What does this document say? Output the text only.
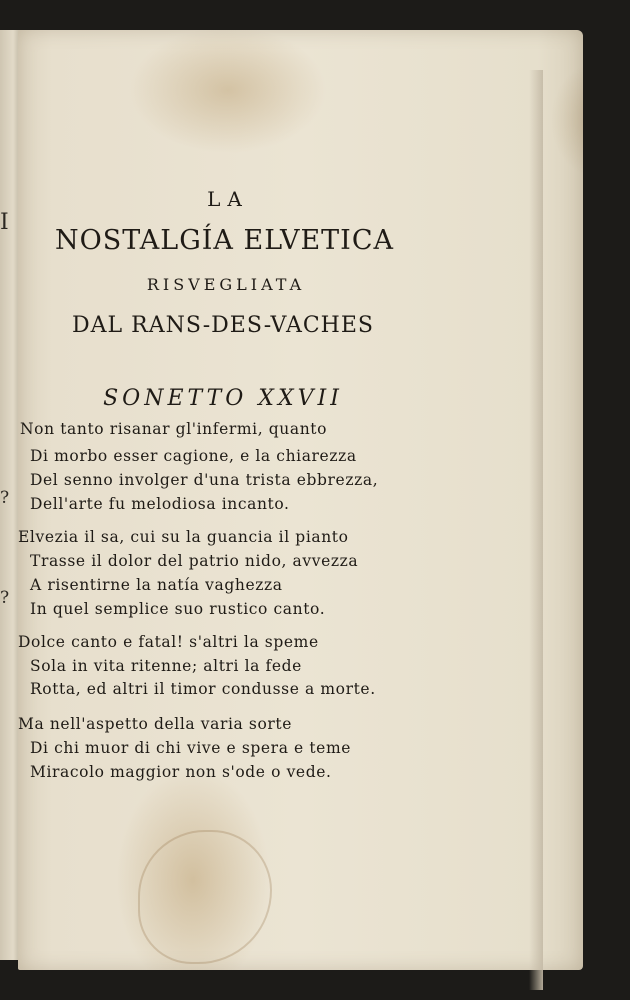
I
?
?
LA
NOSTALGÍA ELVETICA
RISVEGLIATA
DAL RANS-DES-VACHES
SONETTO XXVII
Non tanto risanar gl'infermi, quanto
Di morbo esser cagione, e la chiarezza
Del senno involger d'una trista ebbrezza,
Dell'arte fu melodiosa incanto.
Elvezia il sa, cui su la guancia il pianto
Trasse il dolor del patrio nido, avvezza
A risentirne la natía vaghezza
In quel semplice suo rustico canto.
Dolce canto e fatal! s'altri la speme
Sola in vita ritenne; altri la fede
Rotta, ed altri il timor condusse a morte.
Ma nell'aspetto della varia sorte
Di chi muor di chi vive e spera e teme
Miracolo maggior non s'ode o vede.
